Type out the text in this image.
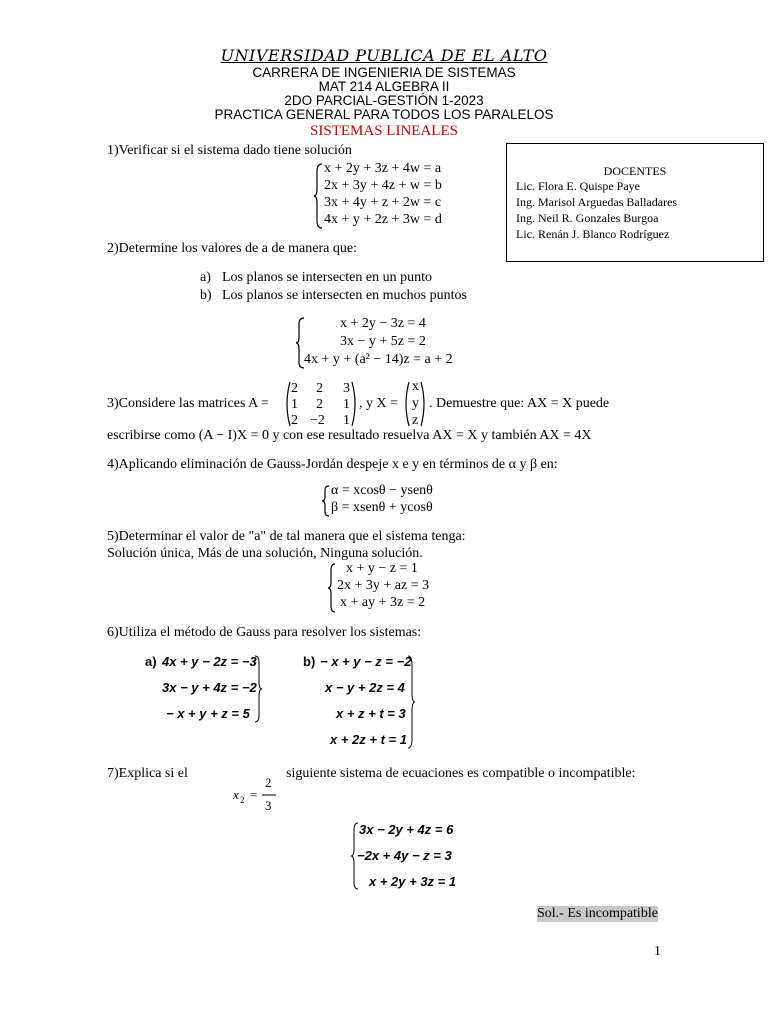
UNIVERSIDAD PUBLICA DE EL ALTO
CARRERA DE INGENIERIA DE SISTEMAS
MAT 214 ALGEBRA II
2DO PARCIAL-GESTIÓN 1-2023
PRACTICA GENERAL PARA TODOS LOS PARALELOS
SISTEMAS LINEALES
DOCENTES
Lic. Flora E. Quispe Paye
Ing. Marisol Arguedas Balladares
Ing. Neil R. Gonzales Burgoa
Lic. Renán J. Blanco Rodríguez
1)Verificar si el sistema dado tiene solución
x + 2y + 3z + 4w = a
2x + 3y + 4z + w = b
3x + 4y + z + 2w = c
4x + y + 2z + 3w = d
2)Determine los valores de a de manera que:
a) Los planos se intersecten en un punto
b) Los planos se intersecten en muchos puntos
x + 2y − 3z = 4
3x − y + 5z = 2
4x + y + (a² − 14)z = a + 2
3)Considere las matrices A =
2 2 3
1 2 1
2 −2 1
, y X =
x
y
z
. Demuestre que: AX = X puede
escribirse como (A − I)X = 0 y con ese resultado resuelva AX = X y también AX = 4X
4)Aplicando eliminación de Gauss-Jordán despeje x e y en términos de α y β en:
α = xcosθ − ysenθ
β = xsenθ + ycosθ
5)Determinar el valor de "a" de tal manera que el sistema tenga:
Solución única, Más de una solución, Ninguna solución.
x + y − z = 1
2x + 3y + az = 3
x + ay + 3z = 2
6)Utiliza el método de Gauss para resolver los sistemas:
a) 4x + y − 2z = −3
3x − y + 4z = −2
− x + y + z = 5
b) − x + y − z = −2
x − y + 2z = 4
x + z + t = 3
x + 2z + t = 1
7)Explica si el	siguiente sistema de ecuaciones es compatible o incompatible:
x 2 =
2
3
3x − 2y + 4z = 6
−2x + 4y − z = 3
x + 2y + 3z = 1
Sol.- Es incompatible
1
